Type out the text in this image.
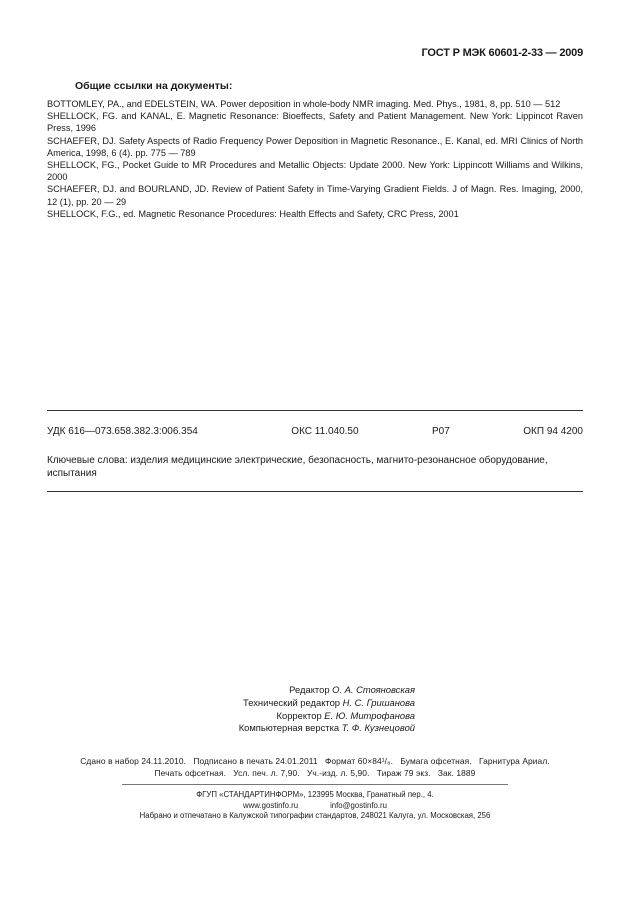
ГОСТ Р МЭК 60601-2-33 — 2009
Общие ссылки на документы:

BOTTOMLEY, PA., and EDELSTEIN, WA. Power deposition in whole-body NMR imaging. Med. Phys., 1981, 8, pp. 510 — 512

SHELLOCK, FG. and KANAL, E. Magnetic Resonance: Bioeffects, Safety and Patient Management. New York: Lippincot Raven Press, 1996

SCHAEFER, DJ. Safety Aspects of Radio Frequency Power Deposition in Magnetic Resonance., E. Kanal, ed. MRI Clinics of North America, 1998, 6 (4). pp. 775 — 789

SHELLOCK, FG., Pocket Guide to MR Procedures and Metallic Objects: Update 2000. New York: Lippincott Williams and Wilkins, 2000

SCHAEFER, DJ. and BOURLAND, JD. Review of Patient Safety in Time-Varying Gradient Fields. J of Magn. Res. Imaging, 2000, 12 (1), pp. 20 — 29

SHELLOCK, F.G., ed. Magnetic Resonance Procedures: Health Effects and Safety, CRC Press, 2001

УДК 616—073.658.382.3:006.354	ОКС 11.040.50	Р07	ОКП 94 4200
Ключевые слова: изделия медицинские электрические, безопасность, магнито-резонансное оборудование, испытания
Редактор О. А. Стояновская
Технический редактор Н. С. Гришанова
Корректор Е. Ю. Митрофанова
Компьютерная верстка Т. Ф. Кузнецовой
Сдано в набор 24.11.2010.   Подписано в печать 24.01.2011   Формат 60×84¹/₈.   Бумага офсетная.   Гарнитура Ариал.
Печать офсетная.   Усл. печ. л. 7,90.   Уч.-изд. л. 5,90.   Тираж 79 экз.   Зак. 1889
ФГУП «СТАНДАРТИНФОРМ», 123995 Москва, Гранатный пер., 4.
www.gostinfo.ru	info@gostinfo.ru
Набрано и отпечатано в Калужской типографии стандартов, 248021 Калуга, ул. Московская, 256
